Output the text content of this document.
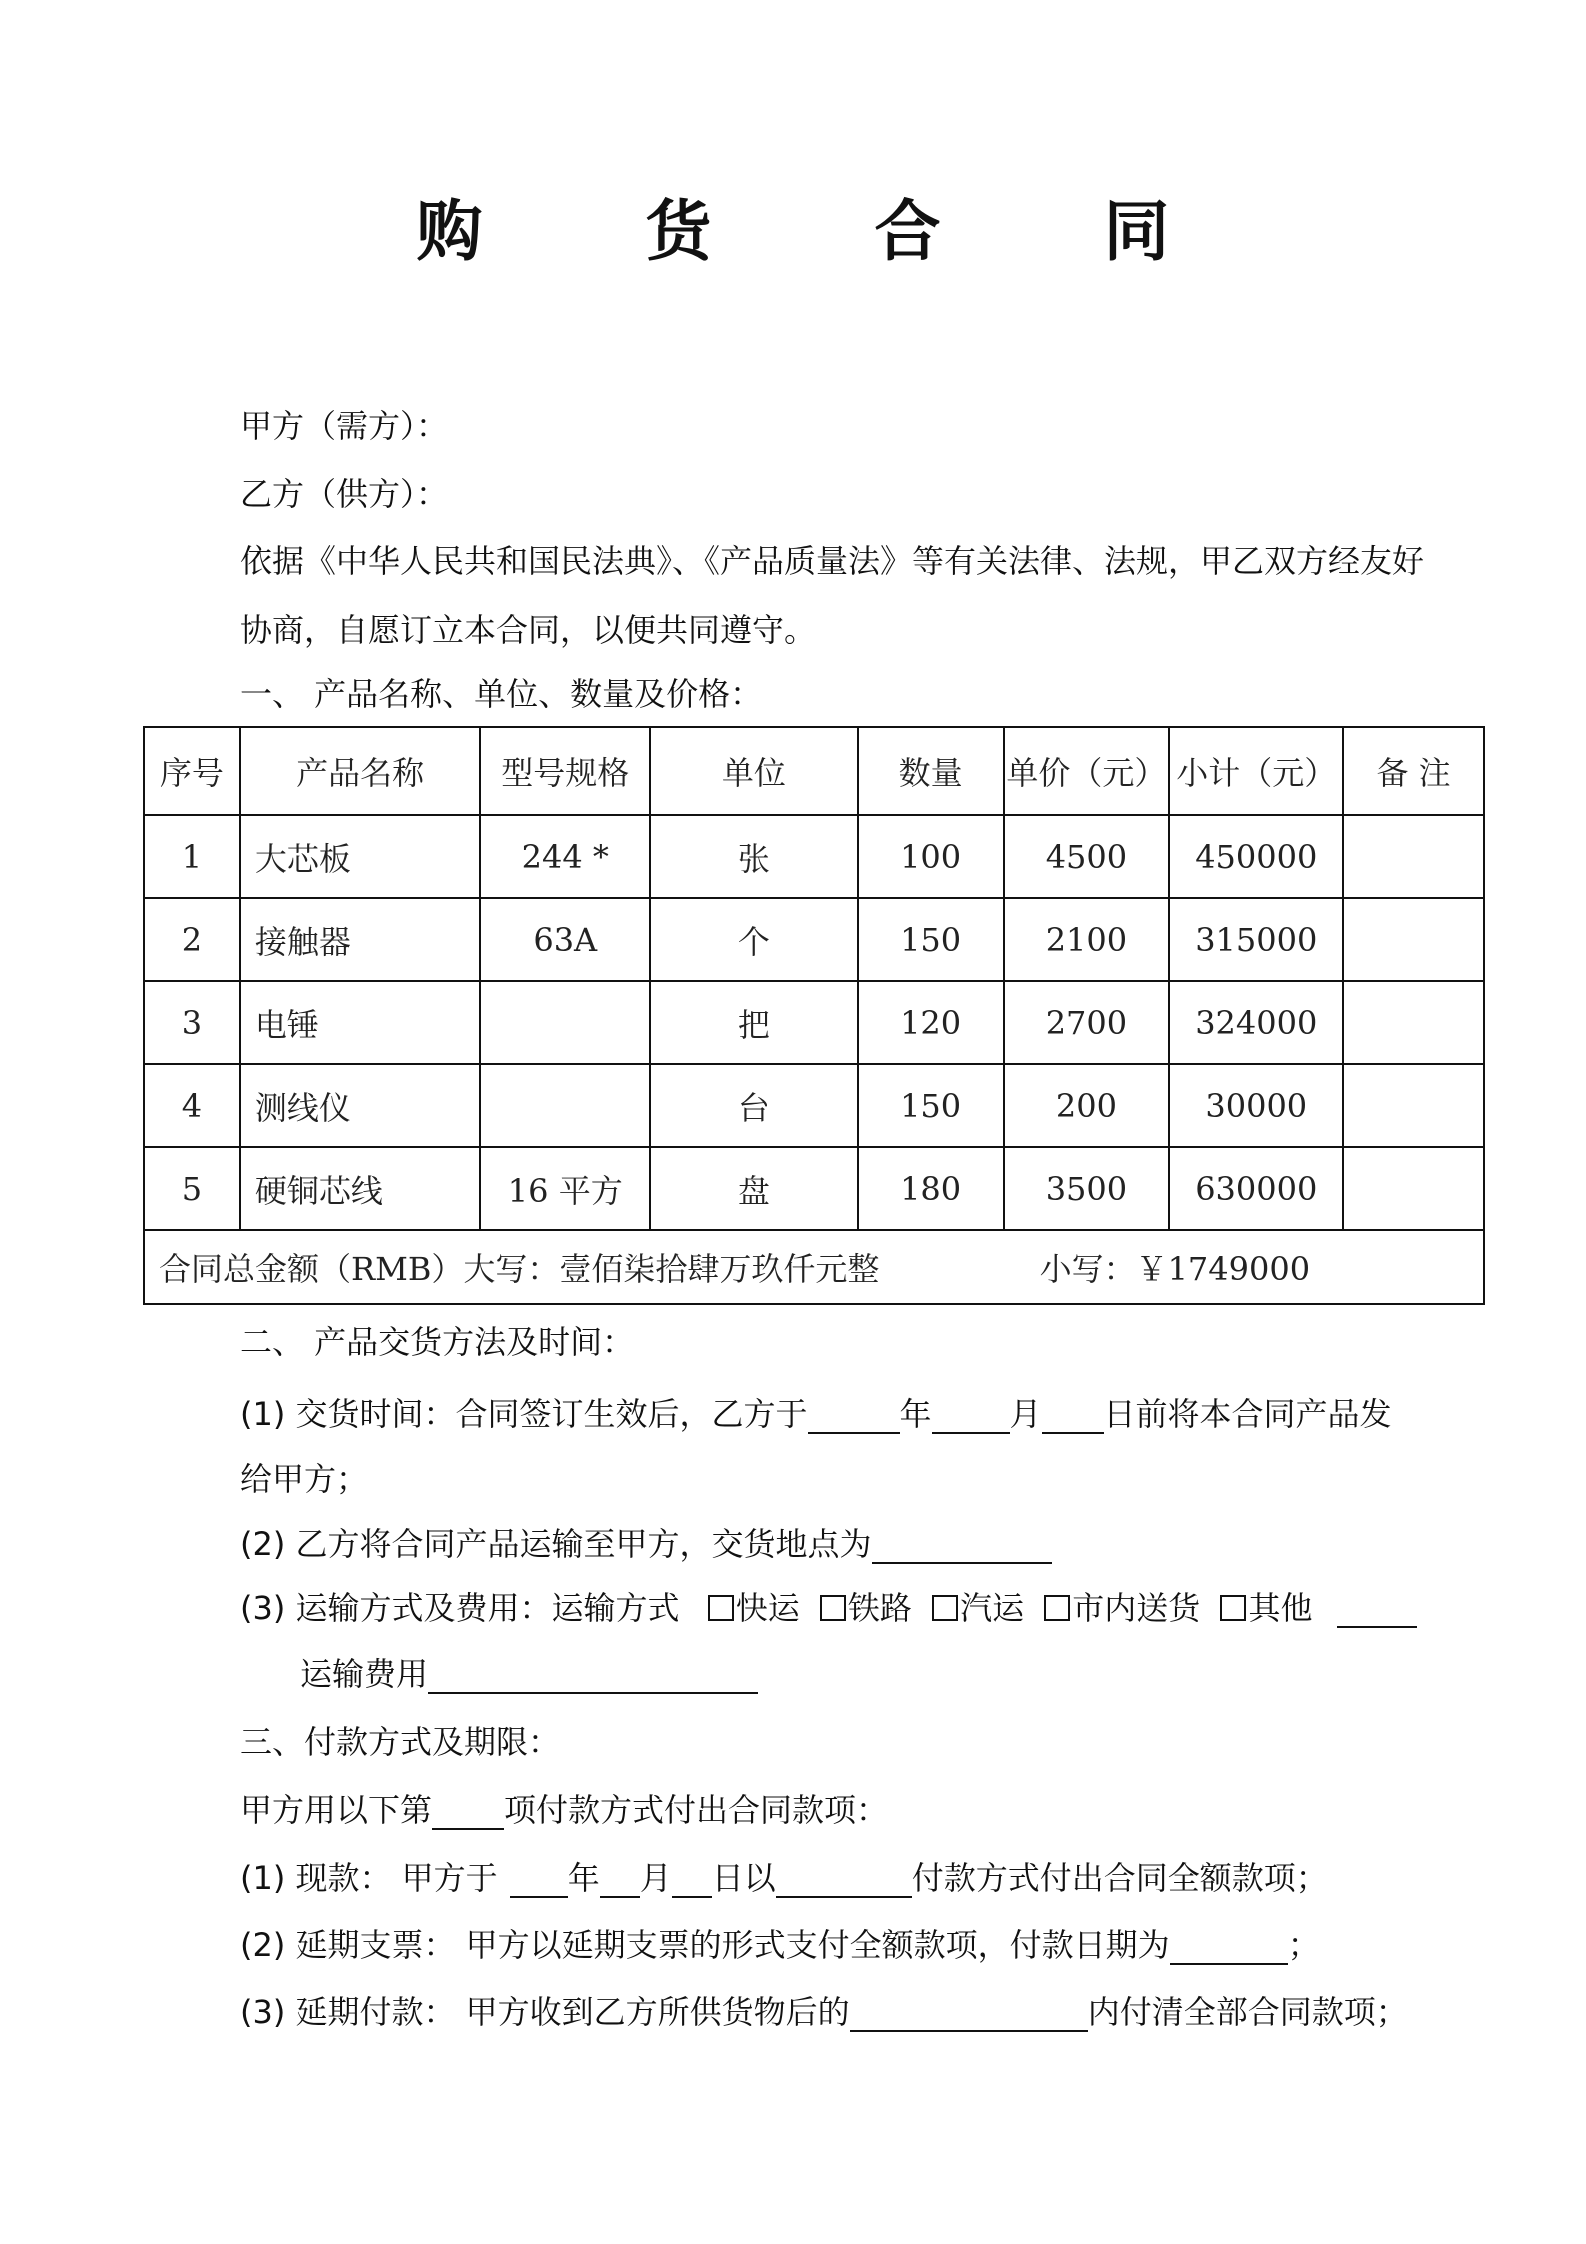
购 货 合 同
甲方（需方）：
乙方（供方）：
依据《中华人民共和国民法典》、《产品质量法》等有关法律、法规，甲乙双方经友好
协商，自愿订立本合同，以便共同遵守。
一、 产品名称、单位、数量及价格：
序号	产品名称	型号规格	单位	数量	单价（元）	小计（元）	备 注
1	大芯板	244 *	张	100	4500	450000	
2	接触器	63A	个	150	2100	315000	
3	电锤		把	120	2700	324000	
4	测线仪		台	150	200	30000	
5	硬铜芯线	16 平方	盘	180	3500	630000	
合同总金额（RMB）大写：壹佰柒拾肆万玖仟元整 小写：￥1749000							
二、 产品交货方法及时间：
(1) 交货时间：合同签订生效后，乙方于	年 月 日前将本合同产品发
给甲方；
(2) 乙方将合同产品运输至甲方，交货地点为
(3) 运输方式及费用：运输方式 快运 铁路 汽运 市内送货 其他
运输费用
三、付款方式及期限：
甲方用以下第 项付款方式付出合同款项：
(1) 现款： 甲方于 年 月 日以	付款方式付出合同全额款项；
(2) 延期支票： 甲方以延期支票的形式支付全额款项，付款日期为	；
(3) 延期付款： 甲方收到乙方所供货物后的	内付清全部合同款项；
